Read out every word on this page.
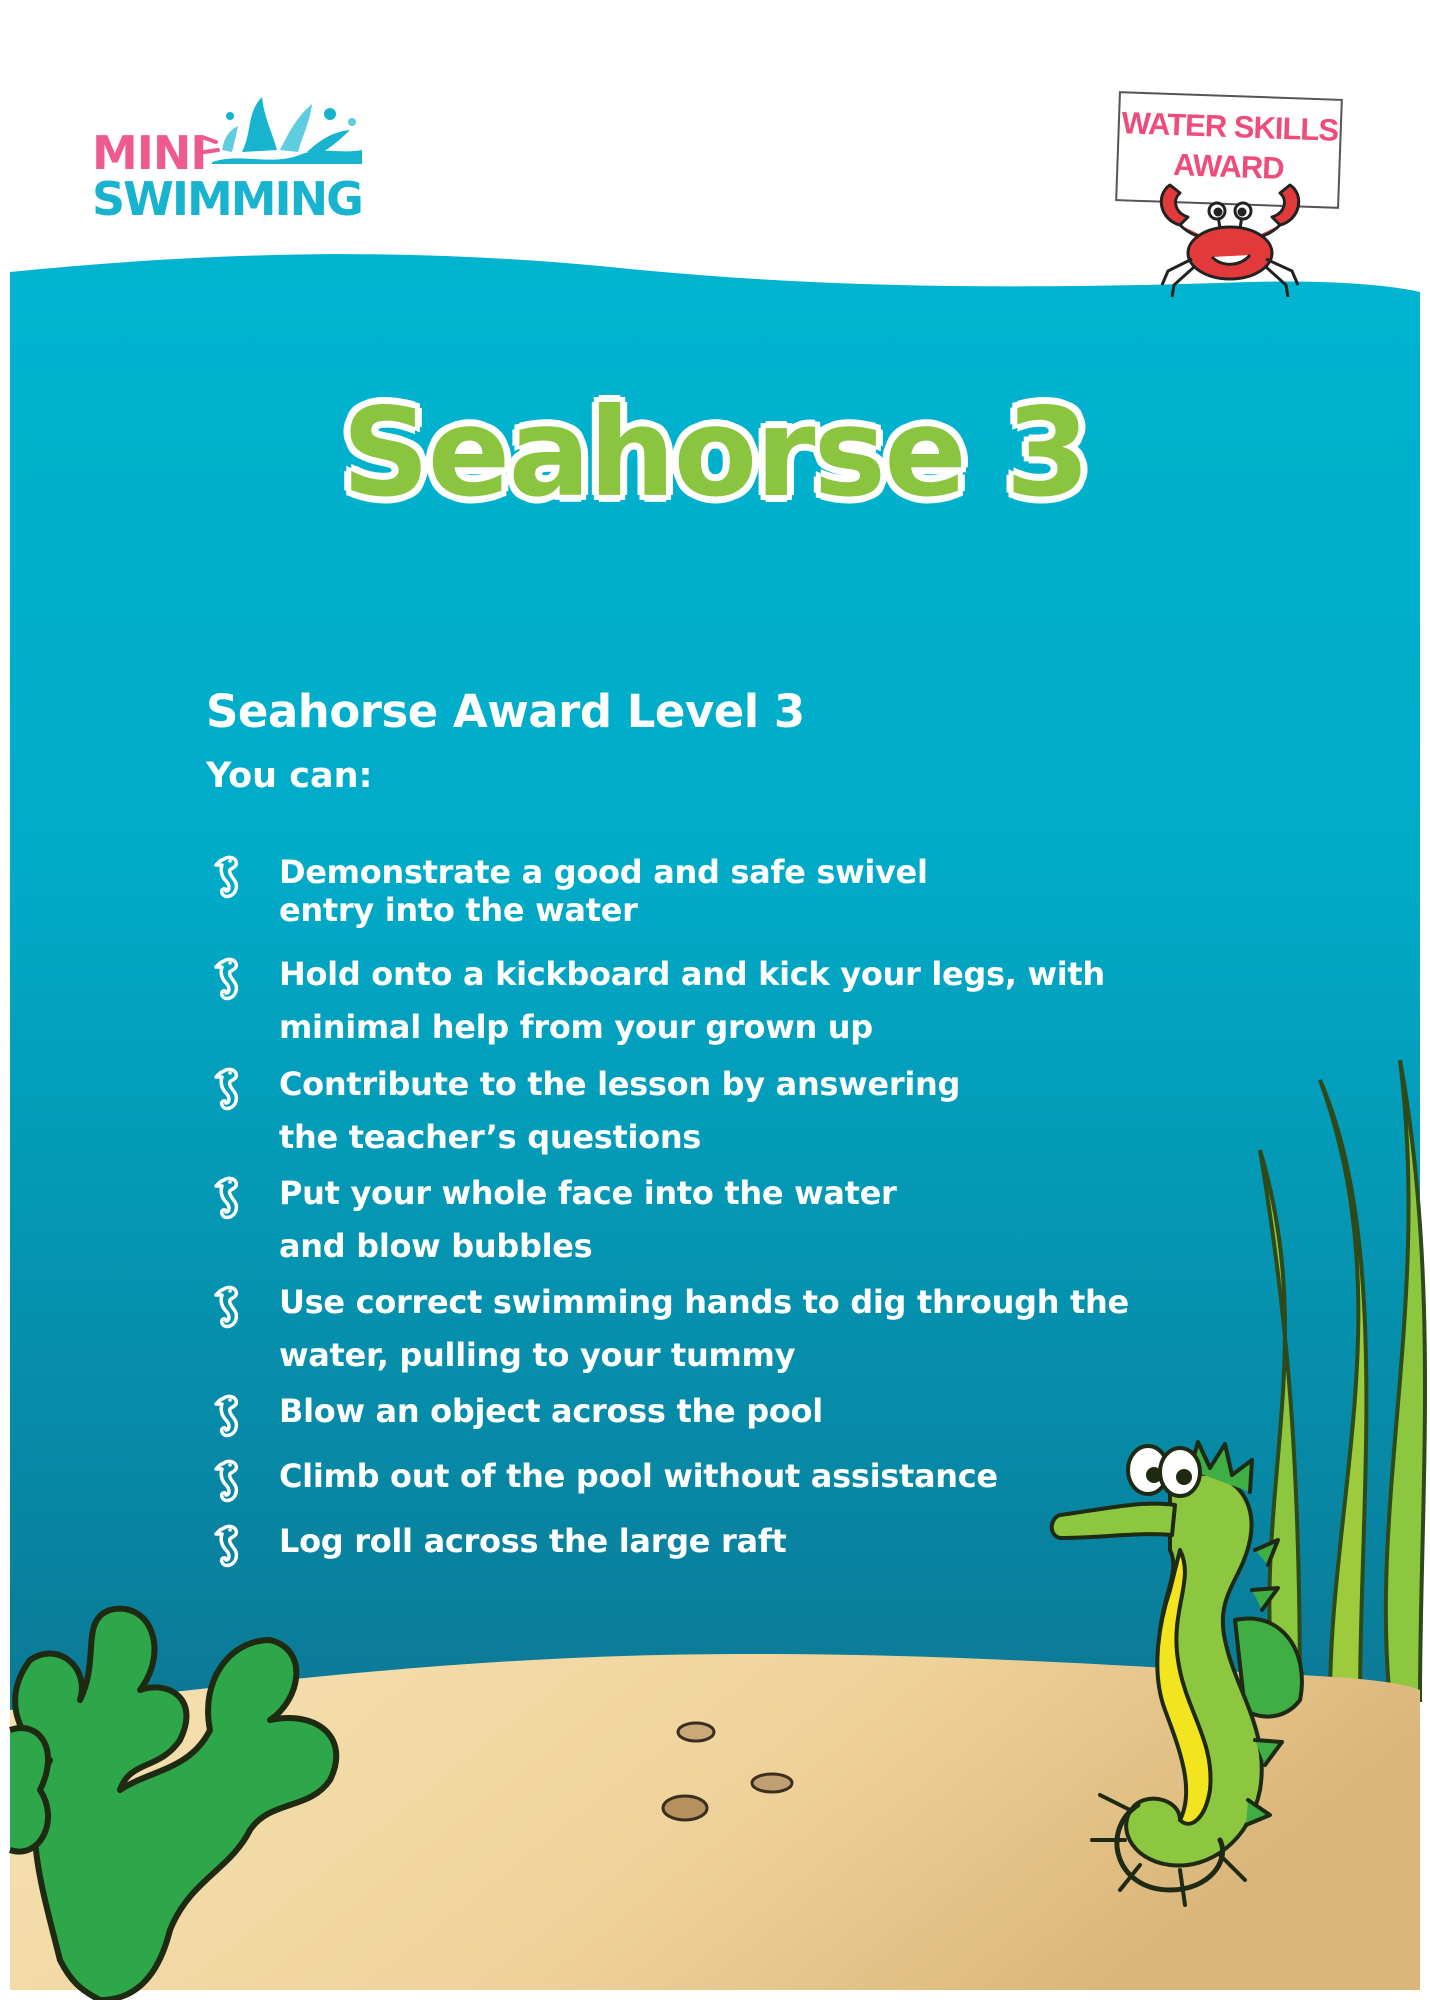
MINI
SWIMMING
WATER SKILLS
AWARD
Seahorse 3
Seahorse Award Level 3
You can:
Demonstrate a good and safe swivel
entry into the water
Hold onto a kickboard and kick your legs, with
minimal help from your grown up
Contribute to the lesson by answering
the teacher’s questions
Put your whole face into the water
and blow bubbles
Use correct swimming hands to dig through the
water, pulling to your tummy
Blow an object across the pool
Climb out of the pool without assistance
Log roll across the large raft
